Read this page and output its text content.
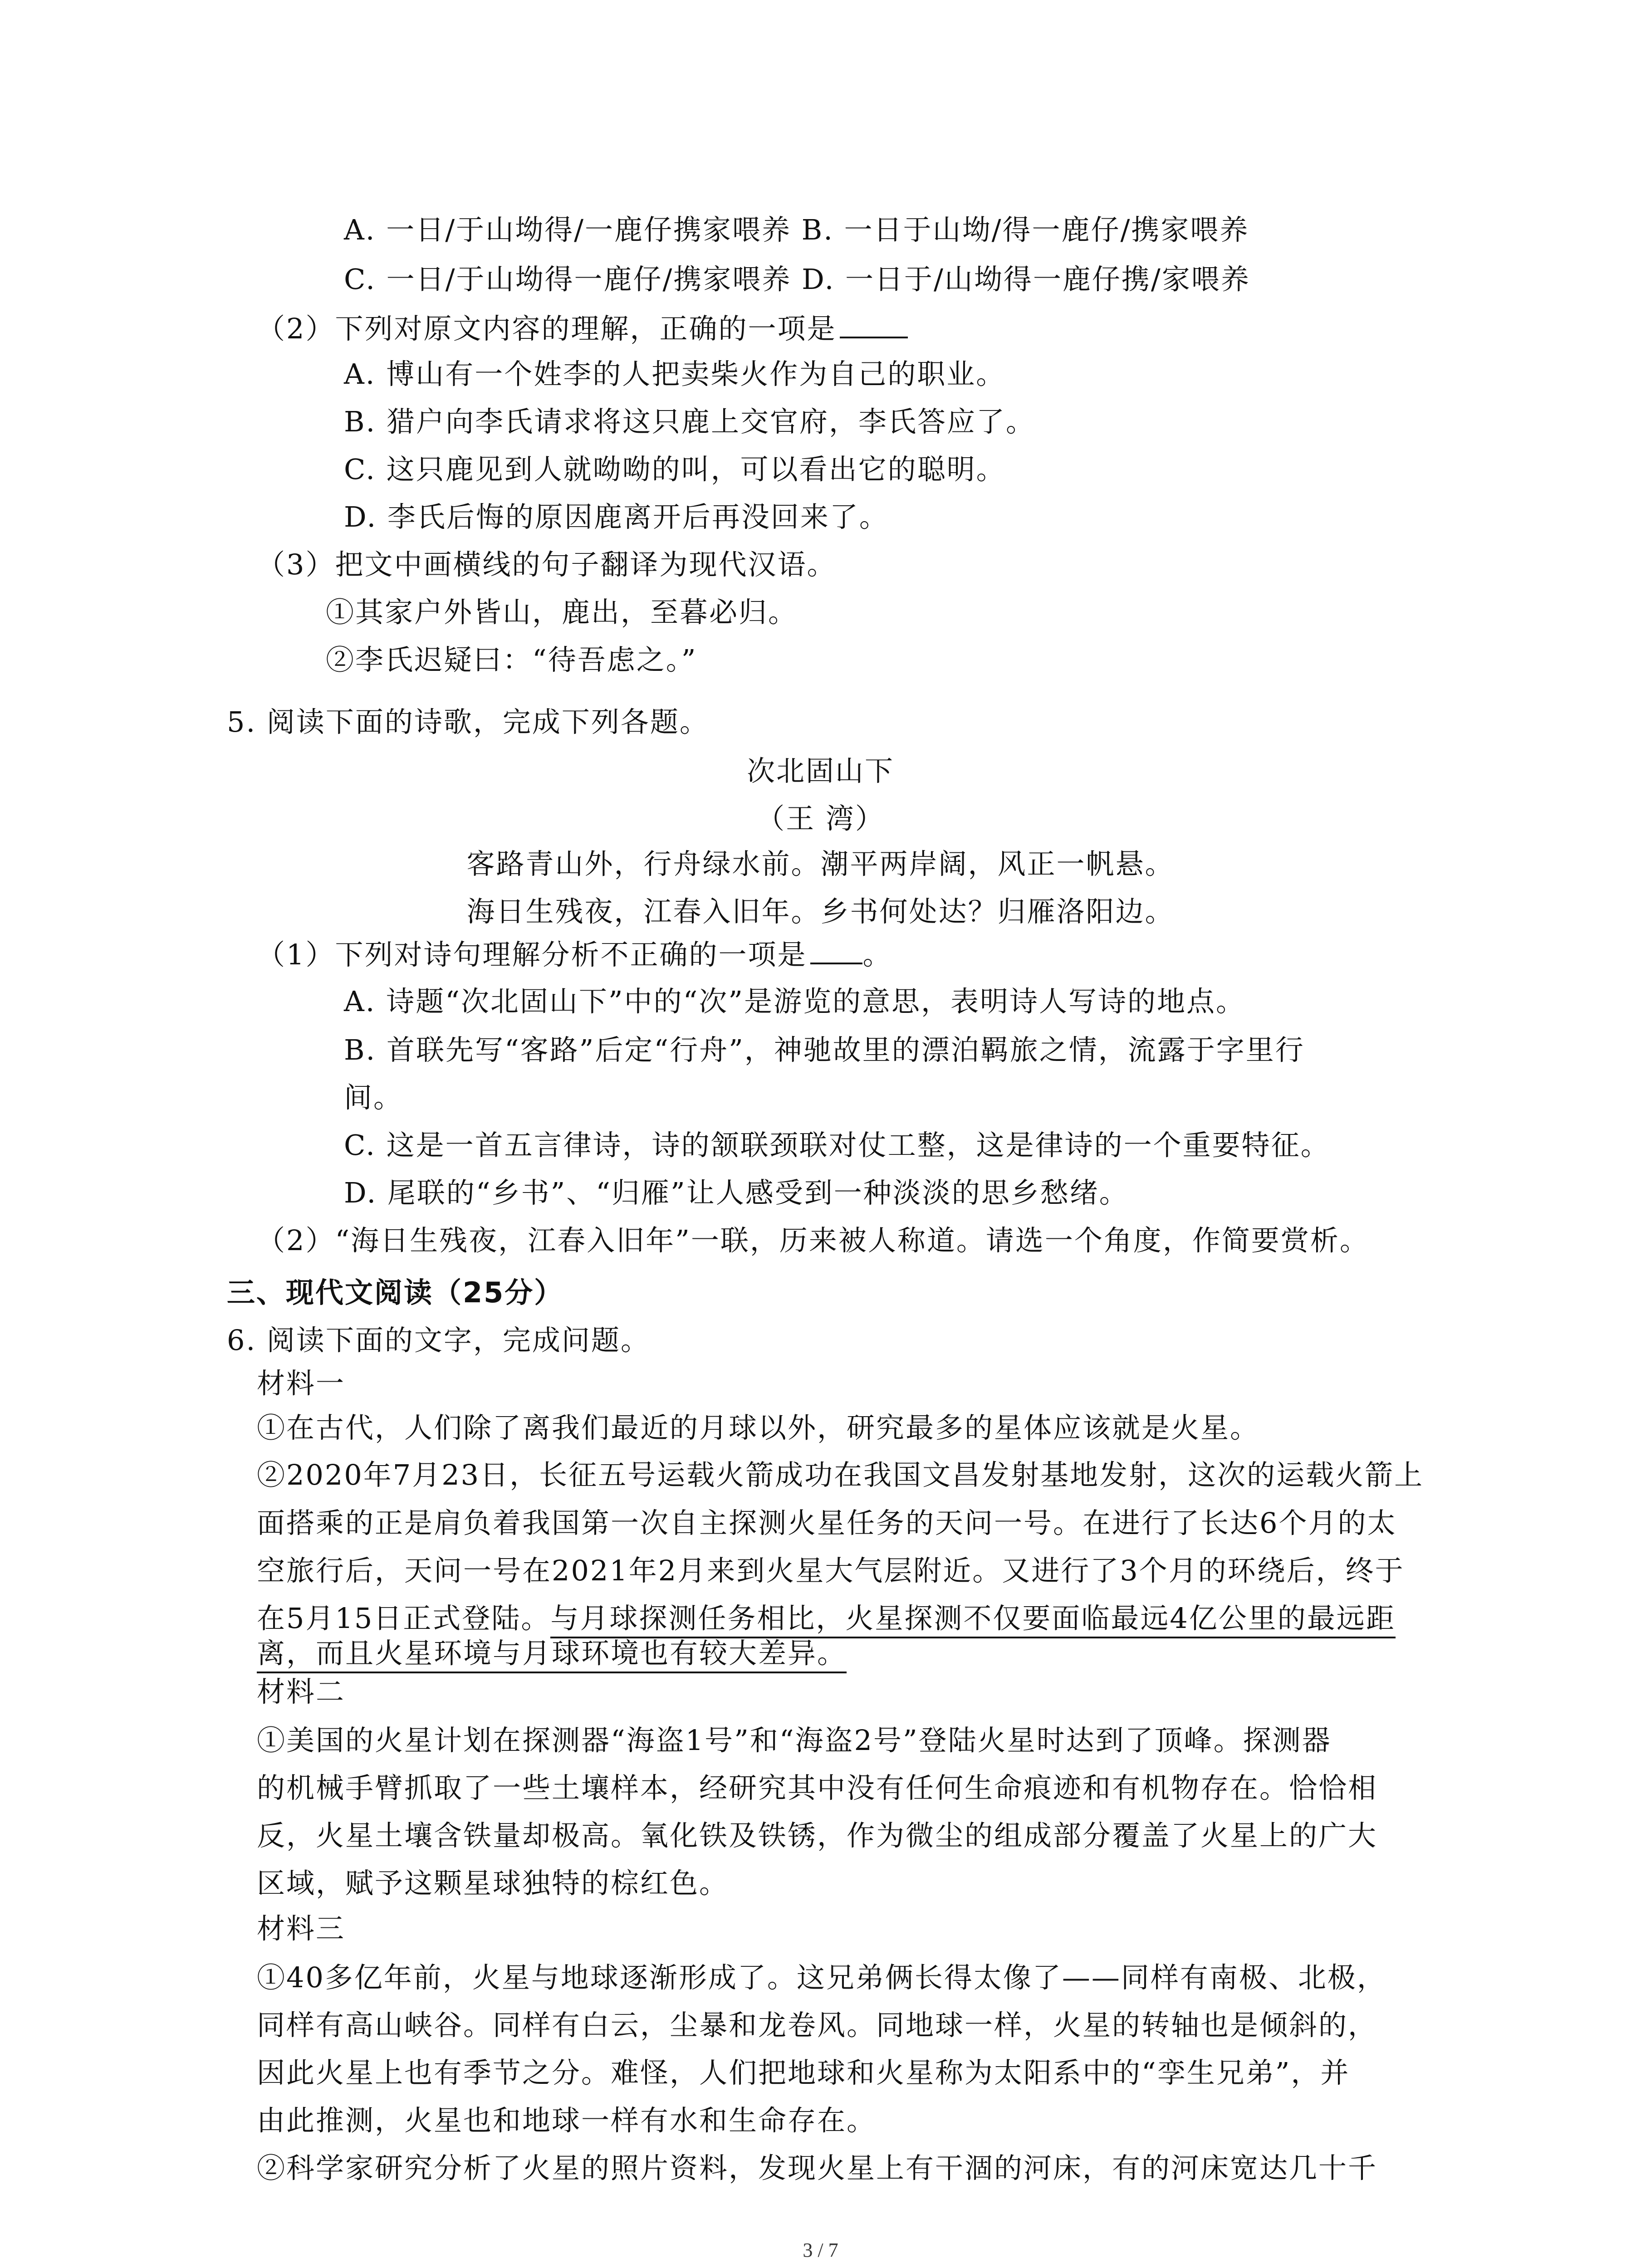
A. 一日/于山坳得/一鹿仔携家喂养 B. 一日于山坳/得一鹿仔/携家喂养
C. 一日/于山坳得一鹿仔/携家喂养 D. 一日于/山坳得一鹿仔携/家喂养
（2）下列对原文内容的理解，正确的一项是
A. 博山有一个姓李的人把卖柴火作为自己的职业。
B. 猎户向李氏请求将这只鹿上交官府，李氏答应了。
C. 这只鹿见到人就呦呦的叫，可以看出它的聪明。
D. 李氏后悔的原因鹿离开后再没回来了。
（3）把文中画横线的句子翻译为现代汉语。
①其家户外皆山，鹿出，至暮必归。
②李氏迟疑曰：“待吾虑之。”
5. 阅读下面的诗歌，完成下列各题。
次北固山下
（王 湾）
客路青山外，行舟绿水前。潮平两岸阔，风正一帆悬。
海日生残夜，江春入旧年。乡书何处达？归雁洛阳边。
（1）下列对诗句理解分析不正确的一项是 。
A. 诗题“次北固山下”中的“次”是游览的意思，表明诗人写诗的地点。
B. 首联先写“客路”后定“行舟”，神驰故里的漂泊羁旅之情，流露于字里行
间。
C. 这是一首五言律诗，诗的颔联颈联对仗工整，这是律诗的一个重要特征。
D. 尾联的“乡书”、“归雁”让人感受到一种淡淡的思乡愁绪。
（2）“海日生残夜，江春入旧年”一联，历来被人称道。请选一个角度，作简要赏析。
三、现代文阅读（25分）
6. 阅读下面的文字，完成问题。
材料一
①在古代，人们除了离我们最近的月球以外，研究最多的星体应该就是火星。
②2020年7月23日，长征五号运载火箭成功在我国文昌发射基地发射，这次的运载火箭上
面搭乘的正是肩负着我国第一次自主探测火星任务的天问一号。在进行了长达6个月的太
空旅行后，天问一号在2021年2月来到火星大气层附近。又进行了3个月的环绕后，终于
在5月15日正式登陆。与月球探测任务相比，火星探测不仅要面临最远4亿公里的最远距
离，而且火星环境与月球环境也有较大差异。
材料二
①美国的火星计划在探测器“海盗1号”和“海盗2号”登陆火星时达到了顶峰。探测器
的机械手臂抓取了一些土壤样本，经研究其中没有任何生命痕迹和有机物存在。恰恰相
反，火星土壤含铁量却极高。氧化铁及铁锈，作为微尘的组成部分覆盖了火星上的广大
区域，赋予这颗星球独特的棕红色。
材料三
①40多亿年前，火星与地球逐渐形成了。这兄弟俩长得太像了——同样有南极、北极，
同样有高山峡谷。同样有白云，尘暴和龙卷风。同地球一样，火星的转轴也是倾斜的，
因此火星上也有季节之分。难怪，人们把地球和火星称为太阳系中的“孪生兄弟”，并
由此推测，火星也和地球一样有水和生命存在。
②科学家研究分析了火星的照片资料，发现火星上有干涸的河床，有的河床宽达几十千
3 / 7
